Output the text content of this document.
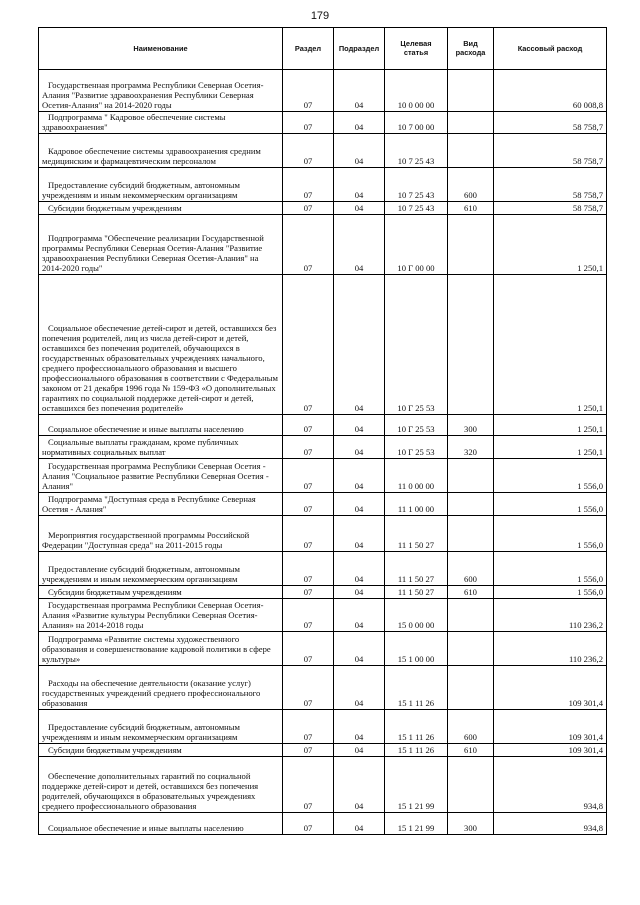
179
Наименование	Раздел	Подраздел	Целевая статья	Вид расхода	Кассовый расход

Государственная программа Республики Северная Осетия-Алания "Развитие здравоохранения Республики Северная Осетия-Алания" на 2014-2020 годы	07	04	10 0 00 00		60 008,8

Подпрограмма " Кадровое обеспечение системы здравоохранения"	07	04	10 7 00 00		58 758,7

Кадровое обеспечение системы здравоохранения средним медицинским и фармацевтическим персоналом	07	04	10 7 25 43		58 758,7

Предоставление субсидий бюджетным, автономным учреждениям и иным некоммерческим организациям	07	04	10 7 25 43	600	58 758,7

Субсидии бюджетным учреждениям	07	04	10 7 25 43	610	58 758,7

Подпрограмма "Обеспечение реализации Государственной программы Республики Северная Осетия-Алания "Развитие здравоохранения Республики Северная Осетия-Алания" на 2014-2020 годы"	07	04	10 Г 00 00		1 250,1

Социальное обеспечение детей-сирот и детей, оставшихся без попечения родителей, лиц из числа детей-сирот и детей, оставшихся без попечения родителей, обучающихся в государственных образовательных учреждениях начального, среднего профессионального образования и высшего профессионального образования в соответствии с Федеральным законом от 21 декабря 1996 года № 159-ФЗ «О дополнительных гарантиях по социальной поддержке детей-сирот и детей, оставшихся без попечения родителей»	07	04	10 Г 25 53		1 250,1

Социальное обеспечение и иные выплаты населению	07	04	10 Г 25 53	300	1 250,1

Социальные выплаты гражданам, кроме публичных нормативных социальных выплат	07	04	10 Г 25 53	320	1 250,1

Государственная программа Республики Северная Осетия - Алания "Социальное развитие Республики Северная Осетия - Алания"	07	04	11 0 00 00		1 556,0

Подпрограмма "Доступная среда в Республике Северная Осетия - Алания"	07	04	11 1 00 00		1 556,0

Мероприятия государственной программы Российской Федерации "Доступная среда" на 2011-2015 годы	07	04	11 1 50 27		1 556,0

Предоставление субсидий бюджетным, автономным учреждениям и иным некоммерческим организациям	07	04	11 1 50 27	600	1 556,0

Субсидии бюджетным учреждениям	07	04	11 1 50 27	610	1 556,0

Государственная программа Республики Северная Осетия-Алания «Развитие культуры Республики Северная Осетия-Алания» на 2014-2018 годы	07	04	15 0 00 00		110 236,2

Подпрограмма «Развитие системы художественного образования и совершенствование кадровой политики в сфере культуры»	07	04	15 1 00 00		110 236,2

Расходы на обеспечение деятельности (оказание услуг) государственных учреждений среднего профессионального образования	07	04	15 1 11 26		109 301,4

Предоставление субсидий бюджетным, автономным учреждениям и иным некоммерческим организациям	07	04	15 1 11 26	600	109 301,4

Субсидии бюджетным учреждениям	07	04	15 1 11 26	610	109 301,4

Обеспечение дополнительных гарантий по социальной поддержке детей-сирот и детей, оставшихся без попечения родителей, обучающихся в образовательных учреждениях среднего профессионального образования	07	04	15 1 21 99		934,8

Социальное обеспечение и иные выплаты населению	07	04	15 1 21 99	300	934,8
